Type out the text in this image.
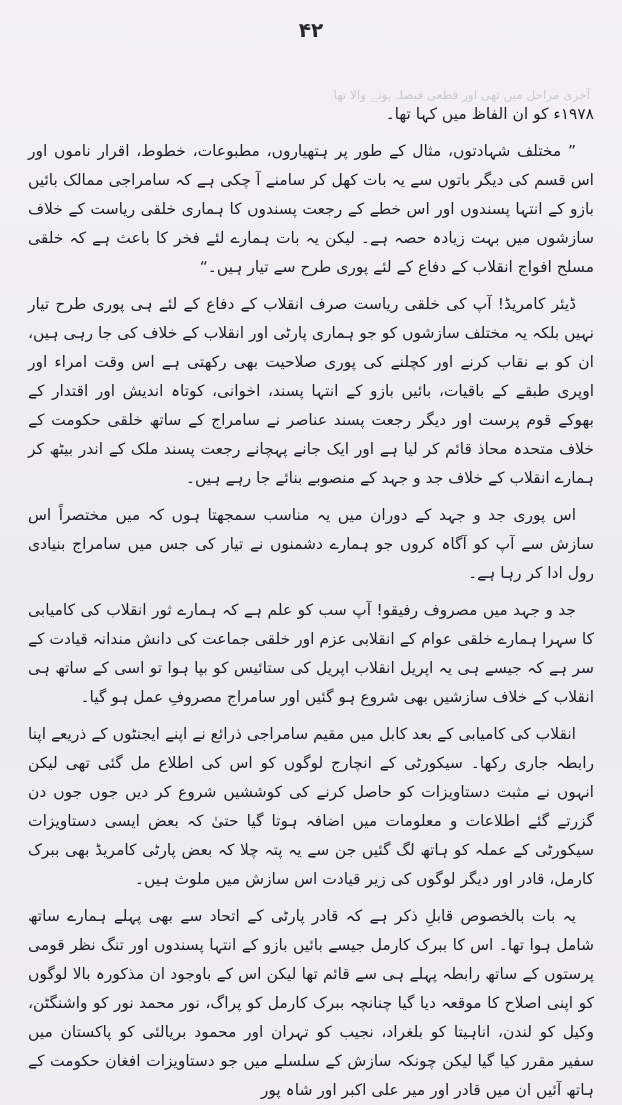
۴۲
ﺁﺧﺮﯼ ﻣﺮﺍﺣﻞ ﻣﯿﮟ ﺗﮭﯽ ﺍﻭﺭ ﻗﻄﻌﯽ ﻓﯿﺼﻠﮧ ﮨﻮﻧﮯ ﻭﺍﻻ ﺗﮭﺎ

۱۹۷۸ء کو ان الفاظ میں کہا تھا۔

” مختلف شہادتوں، مثال کے طور پر ہتھیاروں، مطبوعات، خطوط، اقرار ناموں اور اس قسم کی دیگر باتوں سے یہ بات کھل کر سامنے آ چکی ہے کہ سامراجی ممالک بائیں بازو کے انتہا پسندوں اور اس خطے کے رجعت پسندوں کا ہماری خلقی ریاست کے خلاف سازشوں میں بہت زیادہ حصہ ہے۔ لیکن یہ بات ہمارے لئے فخر کا باعث ہے کہ خلقی مسلح افواج انقلاب کے دفاع کے لئے پوری طرح سے تیار ہیں۔“

ڈیئر کامریڈ! آپ کی خلقی ریاست صرف انقلاب کے دفاع کے لئے ہی پوری طرح تیار نہیں بلکہ یہ مختلف سازشوں کو جو ہماری پارٹی اور انقلاب کے خلاف کی جا رہی ہیں، ان کو بے نقاب کرنے اور کچلنے کی پوری صلاحیت بھی رکھتی ہے اس وقت امراء اور اوپری طبقے کے باقیات، بائیں بازو کے انتہا پسند، اخوانی، کوتاہ اندیش اور اقتدار کے بھوکے قوم پرست اور دیگر رجعت پسند عناصر نے سامراج کے ساتھ خلقی حکومت کے خلاف متحدہ محاذ قائم کر لیا ہے اور ایک جانے پہچانے رجعت پسند ملک کے اندر بیٹھ کر ہمارے انقلاب کے خلاف جد و جہد کے منصوبے بنائے جا رہے ہیں۔

اس پوری جد و جہد کے دوران میں یہ مناسب سمجھتا ہوں کہ میں مختصراً اس سازش سے آپ کو آگاہ کروں جو ہمارے دشمنوں نے تیار کی جس میں سامراج بنیادی رول ادا کر رہا ہے۔

جد و جہد میں مصروف رفیقو! آپ سب کو علم ہے کہ ہمارے ثور انقلاب کی کامیابی کا سہرا ہمارے خلقی عوام کے انقلابی عزم اور خلقی جماعت کی دانش مندانہ قیادت کے سر ہے کہ جیسے ہی یہ اپریل انقلاب اپریل کی ستائیس کو بپا ہوا تو اسی کے ساتھ ہی انقلاب کے خلاف سازشیں بھی شروع ہو گئیں اور سامراج مصروفِ عمل ہو گیا۔

انقلاب کی کامیابی کے بعد کابل میں مقیم سامراجی ذرائع نے اپنے ایجنٹوں کے ذریعے اپنا رابطہ جاری رکھا۔ سیکورٹی کے انچارج لوگوں کو اس کی اطلاع مل گئی تھی لیکن انہوں نے مثبت دستاویزات کو حاصل کرنے کی کوششیں شروع کر دیں جوں جوں دن گزرتے گئے اطلاعات و معلومات میں اضافہ ہوتا گیا حتیٰ کہ بعض ایسی دستاویزات سیکورٹی کے عملہ کو ہاتھ لگ گئیں جن سے یہ پتہ چلا کہ بعض پارٹی کامریڈ بھی ببرک کارمل، قادر اور دیگر لوگوں کی زیر قیادت اس سازش میں ملوث ہیں۔

یہ بات بالخصوص قابلِ ذکر ہے کہ قادر پارٹی کے اتحاد سے بھی پہلے ہمارے ساتھ شامل ہوا تھا۔ اس کا ببرک کارمل جیسے بائیں بازو کے انتہا پسندوں اور تنگ نظر قومی پرستوں کے ساتھ رابطہ پہلے ہی سے قائم تھا لیکن اس کے باوجود ان مذکورہ بالا لوگوں کو اپنی اصلاح کا موقعہ دیا گیا چنانچہ ببرک کارمل کو پراگ، نور محمد نور کو واشنگٹن، وکیل کو لندن، اناہیتا کو بلغراد، نجیب کو تہران اور محمود بریالئی کو پاکستان میں سفیر مقرر کیا گیا لیکن چونکہ سازش کے سلسلے میں جو دستاویزات افغان حکومت کے ہاتھ آئیں ان میں قادر اور میر علی اکبر اور شاہ پور
